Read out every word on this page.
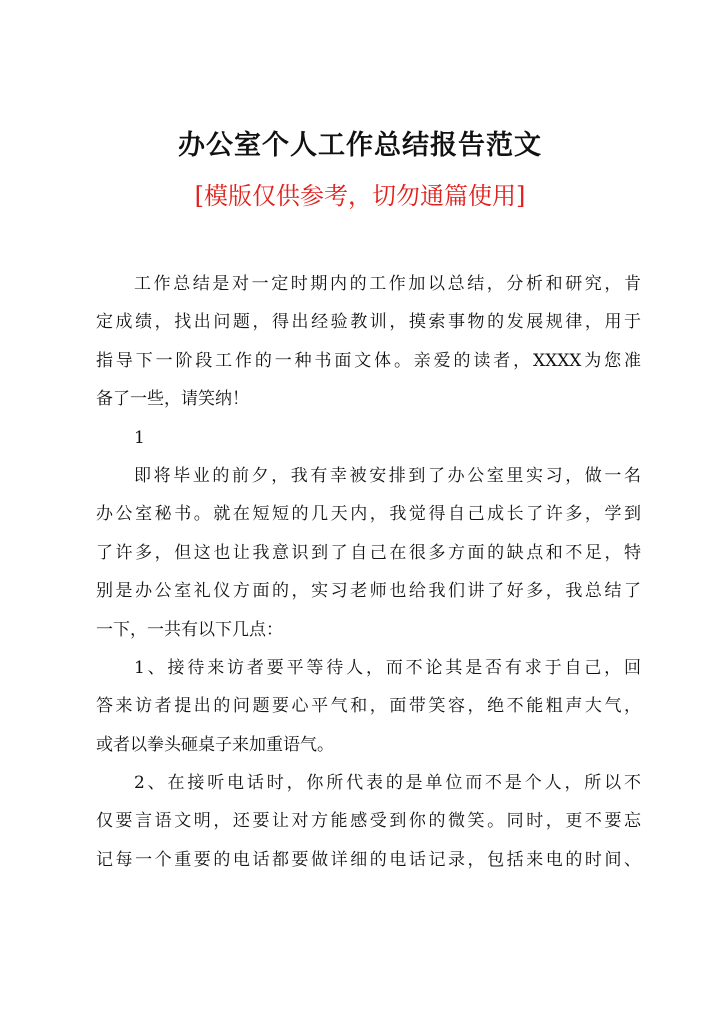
办公室个人工作总结报告范文
[模版仅供参考，切勿通篇使用]
工作总结是对一定时期内的工作加以总结，分析和研究，肯
定成绩，找出问题，得出经验教训，摸索事物的发展规律，用于
指导下一阶段工作的一种书面文体。亲爱的读者，XXXX为您准
备了一些，请笑纳！
1
即将毕业的前夕，我有幸被安排到了办公室里实习，做一名
办公室秘书。就在短短的几天内，我觉得自己成长了许多，学到
了许多，但这也让我意识到了自己在很多方面的缺点和不足，特
别是办公室礼仪方面的，实习老师也给我们讲了好多，我总结了
一下，一共有以下几点：
1、接待来访者要平等待人，而不论其是否有求于自己，回
答来访者提出的问题要心平气和，面带笑容，绝不能粗声大气，
或者以拳头砸桌子来加重语气。
2、在接听电话时，你所代表的是单位而不是个人，所以不
仅要言语文明，还要让对方能感受到你的微笑。同时，更不要忘
记每一个重要的电话都要做详细的电话记录，包括来电的时间、
